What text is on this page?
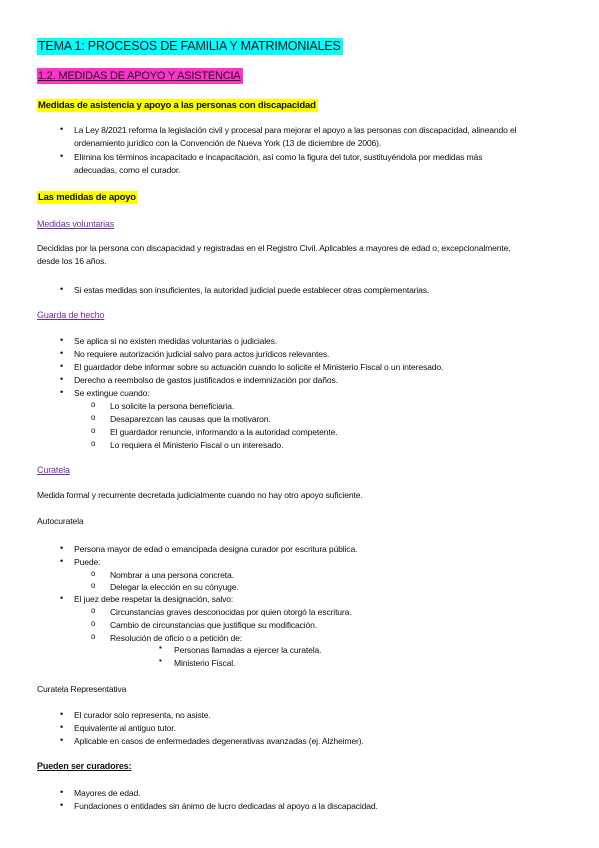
TEMA 1: PROCESOS DE FAMILIA Y MATRIMONIALES
1.2. MEDIDAS DE APOYO Y ASISTENCIA
Medidas de asistencia y apoyo a las personas con discapacidad
• La Ley 8/2021 reforma la legislación civil y procesal para mejorar el apoyo a las personas con discapacidad, alineando el
ordenamiento jurídico con la Convención de Nueva York (13 de diciembre de 2006).
• Elimina los términos incapacitado e incapacitación, así como la figura del tutor, sustituyéndola por medidas más
adecuadas, como el curador.
Las medidas de apoyo
Medidas voluntarias
Decididas por la persona con discapacidad y registradas en el Registro Civil. Aplicables a mayores de edad o, excepcionalmente,
desde los 16 años.
• Si estas medidas son insuficientes, la autoridad judicial puede establecer otras complementarias.
Guarda de hecho
• Se aplica si no existen medidas voluntarias o judiciales.
• No requiere autorización judicial salvo para actos jurídicos relevantes.
• El guardador debe informar sobre su actuación cuando lo solicite el Ministerio Fiscal o un interesado.
• Derecho a reembolso de gastos justificados e indemnización por daños.
• Se extingue cuando:
o Lo solicite la persona beneficiaria.
o Desaparezcan las causas que la motivaron.
o El guardador renuncie, informando a la autoridad competente.
o Lo requiera el Ministerio Fiscal o un interesado.
Curatela
Medida formal y recurrente decretada judicialmente cuando no hay otro apoyo suficiente.
Autocuratela
• Persona mayor de edad o emancipada designa curador por escritura pública.
• Puede:
o Nombrar a una persona concreta.
o Delegar la elección en su cónyuge.
• El juez debe respetar la designación, salvo:
o Circunstancias graves desconocidas por quien otorgó la escritura.
o Cambio de circunstancias que justifique su modificación.
o Resolución de oficio o a petición de:
▪ Personas llamadas a ejercer la curatela.
▪ Ministerio Fiscal.
Curatela Representativa
• El curador solo representa, no asiste.
• Equivalente al antiguo tutor.
• Aplicable en casos de enfermedades degenerativas avanzadas (ej. Alzheimer).
Pueden ser curadores:
• Mayores de edad.
• Fundaciones o entidades sin ánimo de lucro dedicadas al apoyo a la discapacidad.
